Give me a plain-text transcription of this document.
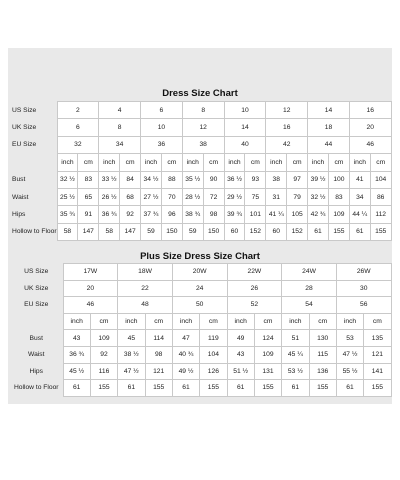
Dress Size Chart
US Size	2		4		6		8		10		12		14		16	
UK Size	6		8		10		12		14		16		18		20	
EU Size	32		34		36		38		40		42		44		46	
	inch	cm	inch	cm	inch	cm	inch	cm	inch	cm	inch	cm	inch	cm	inch	cm
Bust	32 ½	83	33 ½	84	34 ½	88	35 ½	90	36 ½	93	38	97	39 ½	100	41	104
Waist	25 ½	65	26 ½	68	27 ½	70	28 ½	72	29 ½	75	31	79	32 ½	83	34	86
Hips	35 ¾	91	36 ¾	92	37 ¾	96	38 ¾	98	39 ¾	101	41 ¼	105	42 ¾	109	44 ¼	112
Hollow to Floor	58	147	58	147	59	150	59	150	60	152	60	152	61	155	61	155
Plus Size Dress Size Chart
US Size	17W		18W		20W		22W		24W		26W	
UK Size	20		22		24		26		28		30	
EU Size	46		48		50		52		54		56	
	inch	cm	inch	cm	inch	cm	inch	cm	inch	cm	inch	cm
Bust	43	109	45	114	47	119	49	124	51	130	53	135
Waist	36 ¾	92	38 ½	98	40 ¾	104	43	109	45 ¼	115	47 ½	121
Hips	45 ½	116	47 ½	121	49 ½	126	51 ½	131	53 ½	136	55 ½	141
Hollow to Floor	61	155	61	155	61	155	61	155	61	155	61	155
